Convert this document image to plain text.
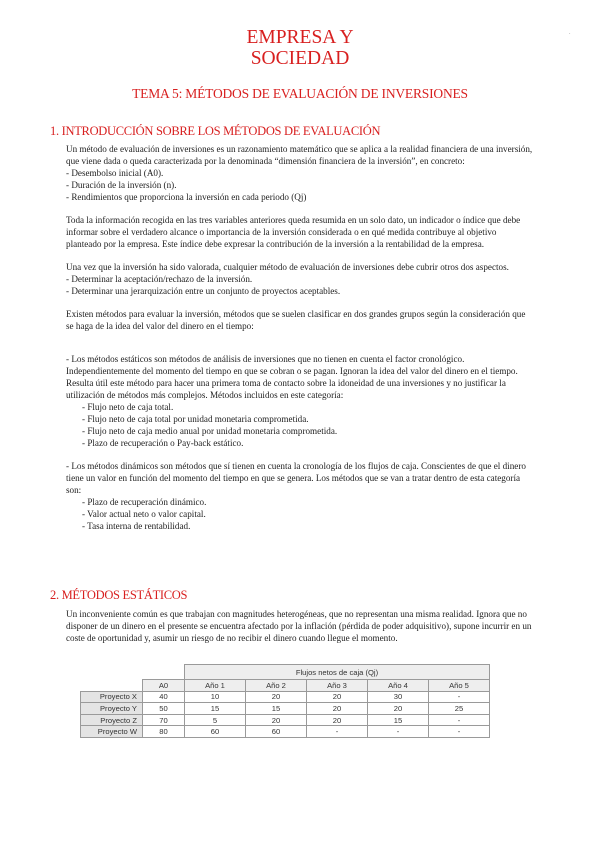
EMPRESA Y
SOCIEDAD
.
TEMA 5: MÉTODOS DE EVALUACIÓN DE INVERSIONES
1. INTRODUCCIÓN SOBRE LOS MÉTODOS DE EVALUACIÓN

Un método de evaluación de inversiones es un razonamiento matemático que se aplica a la realidad financiera de una inversión, que viene dada o queda caracterizada por la denominada “dimensión financiera de la inversión”, en concreto:

- Desembolso inicial (A0).

- Duración de la inversión (n).

- Rendimientos que proporciona la inversión en cada periodo (Qj)

Toda la información recogida en las tres variables anteriores queda resumida en un solo dato, un indicador o índice que debe informar sobre el verdadero alcance o importancia de la inversión considerada o en qué medida contribuye al objetivo planteado por la empresa. Este índice debe expresar la contribución de la inversión a la rentabilidad de la empresa.

Una vez que la inversión ha sido valorada, cualquier método de evaluación de inversiones debe cubrir otros dos aspectos.

- Determinar la aceptación/rechazo de la inversión.

- Determinar una jerarquización entre un conjunto de proyectos aceptables.

Existen métodos para evaluar la inversión, métodos que se suelen clasificar en dos grandes grupos según la consideración que se haga de la idea del valor del dinero en el tiempo:

- Los métodos estáticos son métodos de análisis de inversiones que no tienen en cuenta el factor cronológico. Independientemente del momento del tiempo en que se cobran o se pagan. Ignoran la idea del valor del dinero en el tiempo. Resulta útil este método para hacer una primera toma de contacto sobre la idoneidad de una inversiones y no justificar la utilización de métodos más complejos. Métodos incluidos en este categoría:

- Flujo neto de caja total.

- Flujo neto de caja total por unidad monetaria comprometida.

- Flujo neto de caja medio anual por unidad monetaria comprometida.

- Plazo de recuperación o Pay-back estático.

- Los métodos dinámicos son métodos que sí tienen en cuenta la cronología de los flujos de caja. Conscientes de que el dinero tiene un valor en función del momento del tiempo en que se genera. Los métodos que se van a tratar dentro de esta categoría son:

- Plazo de recuperación dinámico.

- Valor actual neto o valor capital.

- Tasa interna de rentabilidad.

2. MÉTODOS ESTÁTICOS

Un inconveniente común es que trabajan con magnitudes heterogéneas, que no representan una misma realidad. Ignora que no disponer de un dinero en el presente se encuentra afectado por la inflación (pérdida de poder adquisitivo), supone incurrir en un coste de oportunidad y, asumir un riesgo de no recibir el dinero cuando llegue el momento.

		Flujos netos de caja (Qj)				
	A0	Año 1	Año 2	Año 3	Año 4	Año 5
Proyecto X	40	10	20	20	30	-
Proyecto Y	50	15	15	20	20	25
Proyecto Z	70	5	20	20	15	-
Proyecto W	80	60	60	-	-	-
